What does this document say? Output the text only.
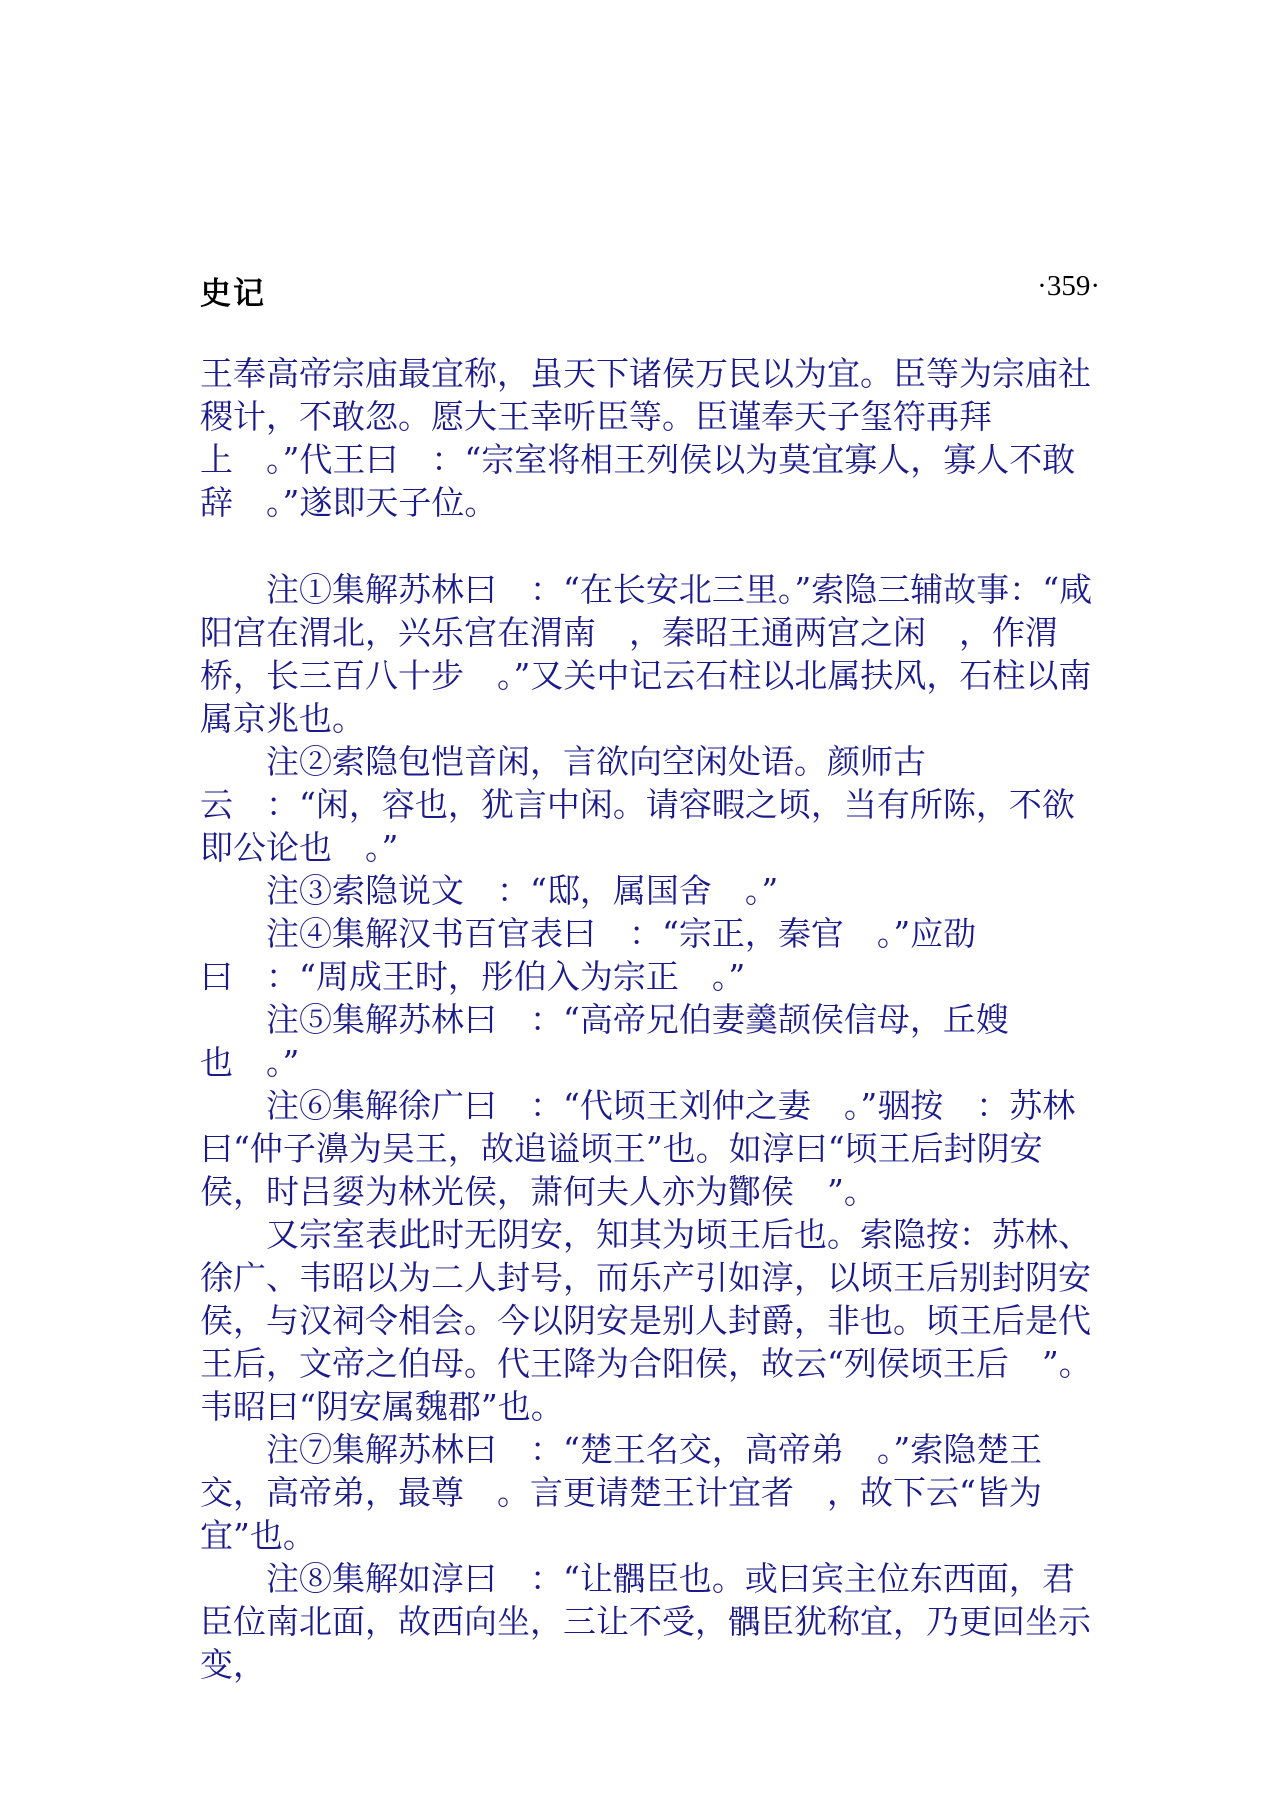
史记	·359·

王奉高帝宗庙最宜称，虽天下诸侯万民以为宜。臣等为宗庙社稷计，不敢忽。愿大王幸听臣等。臣谨奉天子玺符再拜上　。”代王曰　：“宗室将相王列侯以为莫宜寡人，寡人不敢辞　。”遂即天子位。

注①集解苏林曰　：“在长安北三里。”索隐三辅故事：“咸阳宫在渭北，兴乐宫在渭南　，秦昭王通两宫之闲　，作渭桥，长三百八十步　。”又关中记云石柱以北属扶风，石柱以南属京兆也。

注②索隐包恺音闲，言欲向空闲处语。颜师古云　：“闲，容也，犹言中闲。请容暇之顷，当有所陈，不欲即公论也　。”

注③索隐说文　：“邸，属国舍　。”

注④集解汉书百官表曰　：“宗正，秦官　。”应劭曰　：“周成王时，彤伯入为宗正　。”

注⑤集解苏林曰　：“高帝兄伯妻羹颉侯信母，丘嫂也　。”

注⑥集解徐广曰　：“代顷王刘仲之妻　。”骃按　：苏林曰“仲子濞为吴王，故追谥顷王”也。如淳曰“顷王后封阴安侯，时吕媭为林光侯，萧何夫人亦为酇侯　”。

又宗室表此时无阴安，知其为顷王后也。索隐按：苏林、徐广、韦昭以为二人封号，而乐产引如淳，以顷王后别封阴安侯，与汉祠令相会。今以阴安是别人封爵，非也。顷王后是代王后，文帝之伯母。代王降为合阳侯，故云“列侯顷王后　”。韦昭曰“阴安属魏郡”也。

注⑦集解苏林曰　：“楚王名交，高帝弟　。”索隐楚王交，高帝弟，最尊　。言更请楚王计宜者　，故下云“皆为宜”也。

注⑧集解如淳曰　：“让髃臣也。或曰宾主位东西面，君臣位南北面，故西向坐，三让不受，髃臣犹称宜，乃更回坐示变，
